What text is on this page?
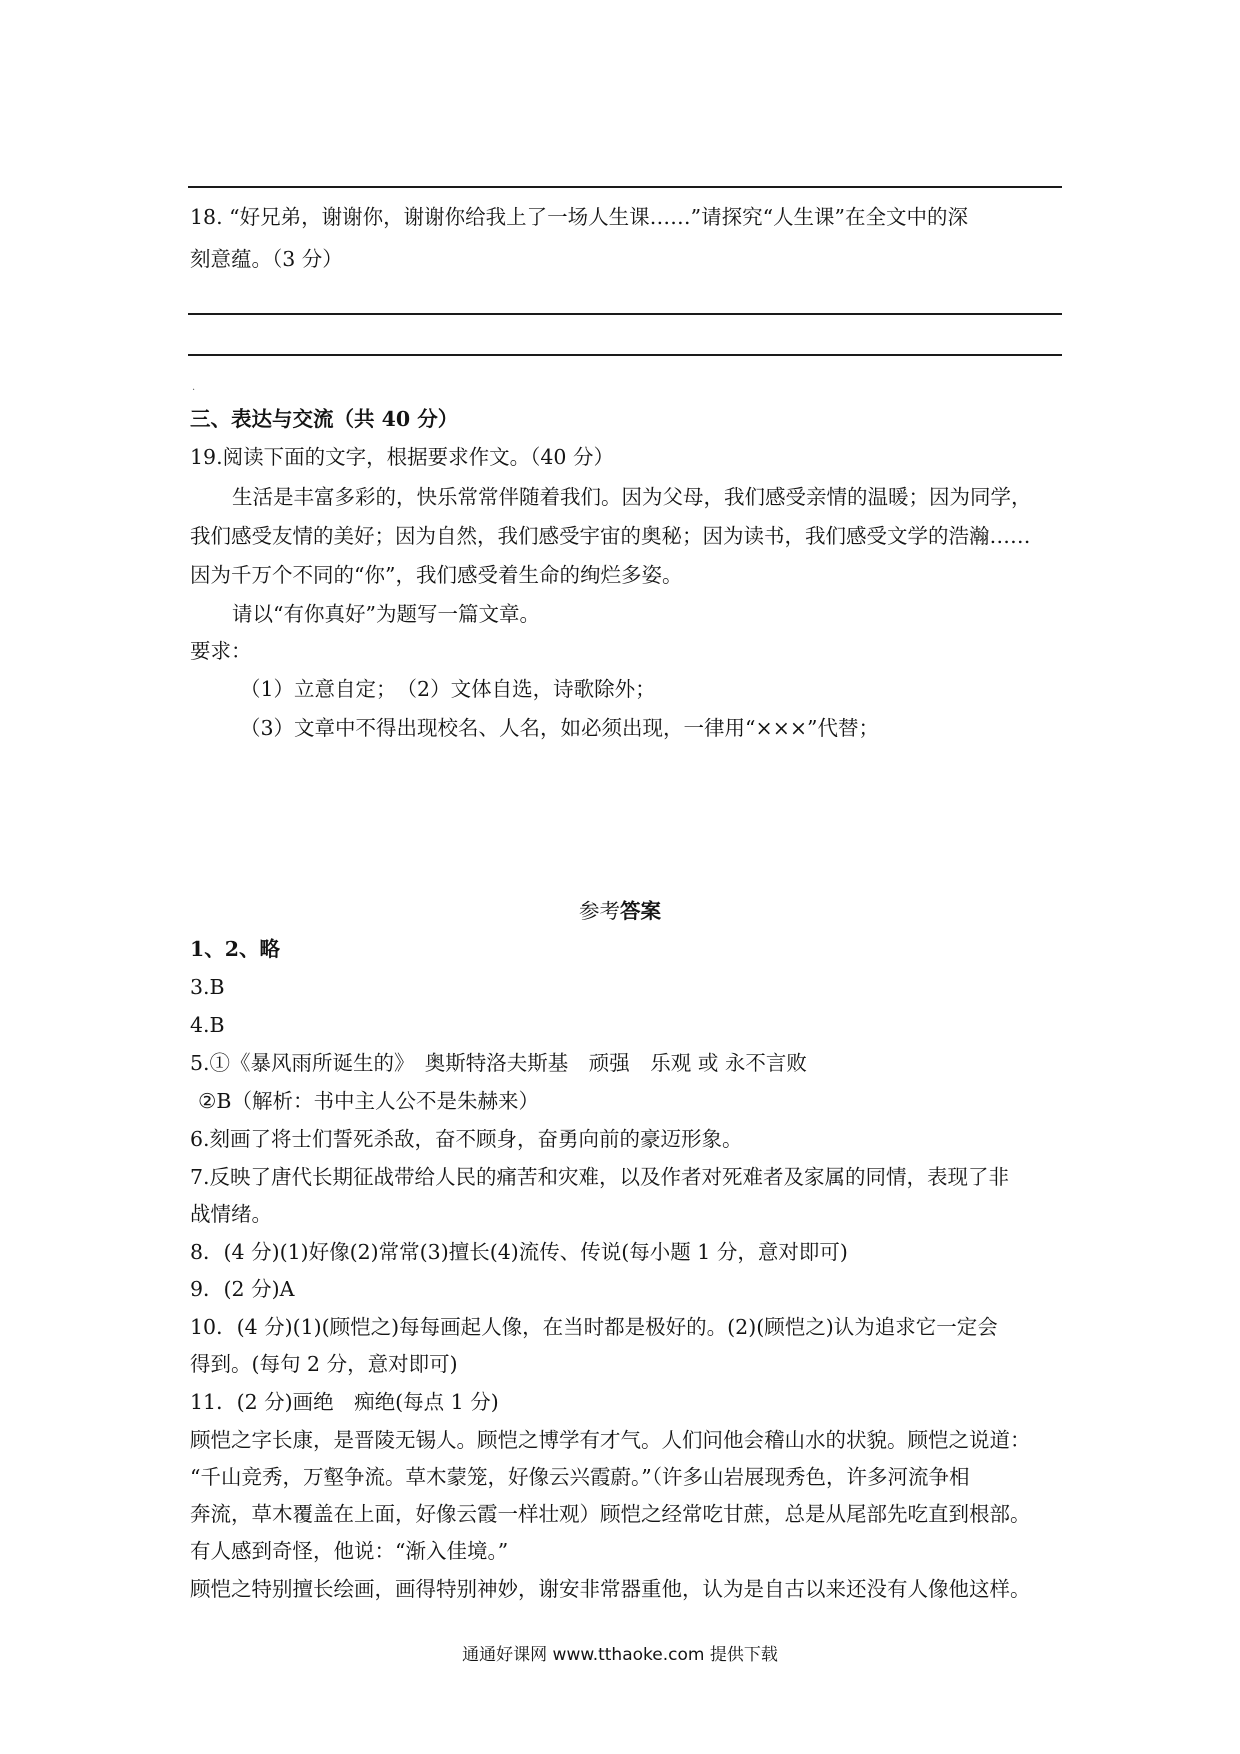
18. “好兄弟，谢谢你，谢谢你给我上了一场人生课……”请探究“人生课”在全文中的深
刻意蕴。（3 分）
·
三、表达与交流（共 40 分）
19.阅读下面的文字，根据要求作文。（40 分）
生活是丰富多彩的，快乐常常伴随着我们。因为父母，我们感受亲情的温暖；因为同学，
我们感受友情的美好；因为自然，我们感受宇宙的奥秘；因为读书，我们感受文学的浩瀚……
因为千万个不同的“你”，我们感受着生命的绚烂多姿。
请以“有你真好”为题写一篇文章。
要求：
（1）立意自定；　（2）文体自选，诗歌除外；
（3）文章中不得出现校名、人名，如必须出现，一律用“×××”代替；
参考答案
1、2、略
3.B
4.B
5.①《暴风雨所诞生的》　奥斯特洛夫斯基　顽强　乐观 或 永不言败
②B（解析：书中主人公不是朱赫来）
6.刻画了将士们誓死杀敌，奋不顾身，奋勇向前的豪迈形象。
7.反映了唐代长期征战带给人民的痛苦和灾难，以及作者对死难者及家属的同情，表现了非
战情绪。
8．(4 分)(1)好像(2)常常(3)擅长(4)流传、传说(每小题 1 分，意对即可)
9．(2 分)A
10．(4 分)(1)(顾恺之)每每画起人像，在当时都是极好的。(2)(顾恺之)认为追求它一定会
得到。(每句 2 分，意对即可)
11．(2 分)画绝　痴绝(每点 1 分)
顾恺之字长康，是晋陵无锡人。顾恺之博学有才气。人们问他会稽山水的状貌。顾恺之说道：
“千山竞秀，万壑争流。草木蒙笼，好像云兴霞蔚。”（许多山岩展现秀色，许多河流争相
奔流，草木覆盖在上面，好像云霞一样壮观）顾恺之经常吃甘蔗，总是从尾部先吃直到根部。
有人感到奇怪，他说：“渐入佳境。”
顾恺之特别擅长绘画，画得特别神妙，谢安非常器重他，认为是自古以来还没有人像他这样。
通通好课网 www.tthaoke.com 提供下载
